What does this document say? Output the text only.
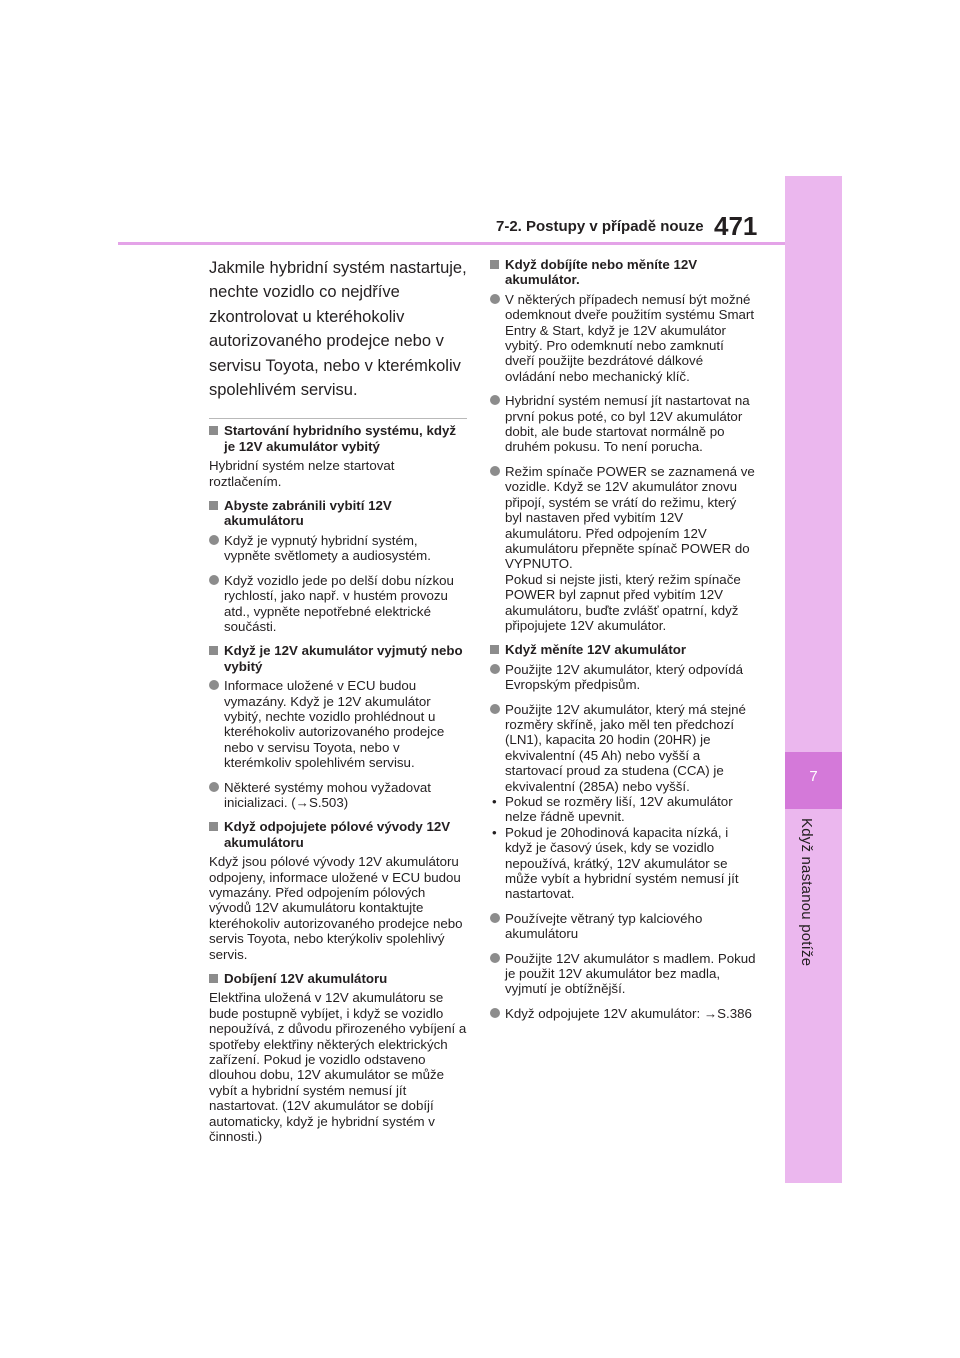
7
Když nastanou potíže
7-2. Postupy v případě nouze 471

Jakmile hybridní systém nastartuje, nechte vozidlo co nejdříve zkontrolovat u kteréhokoliv autorizovaného prodejce nebo v servisu Toyota, nebo v kterémkoliv spolehlivém servisu.

Startování hybridního systému, když je 12V akumulátor vybitý

Hybridní systém nelze startovat roztlačením.

Abyste zabránili vybití 12V akumulátoru
Když je vypnutý hybridní systém, vypněte světlomety a audiosystém.
Když vozidlo jede po delší dobu nízkou rychlostí, jako např. v hustém provozu atd., vypněte nepotřebné elektrické součásti.
Když je 12V akumulátor vyjmutý nebo vybitý
Informace uložené v ECU budou vymazány. Když je 12V akumulátor vybitý, nechte vozidlo prohlédnout u kteréhokoliv autorizovaného prodejce nebo v servisu Toyota, nebo v kterémkoliv spolehlivém servisu.
Některé systémy mohou vyžadovat inicializaci. (→S.503)
Když odpojujete pólové vývody 12V akumulátoru

Když jsou pólové vývody 12V akumulátoru odpojeny, informace uložené v ECU budou vymazány. Před odpojením pólových vývodů 12V akumulátoru kontaktujte kteréhokoliv autorizovaného prodejce nebo servis Toyota, nebo kterýkoliv spolehlivý servis.

Dobíjení 12V akumulátoru

Elektřina uložená v 12V akumulátoru se bude postupně vybíjet, i když se vozidlo nepoužívá, z důvodu přirozeného vybíjení a spotřeby elektřiny některých elektrických zařízení. Pokud je vozidlo odstaveno dlouhou dobu, 12V akumulátor se může vybít a hybridní systém nemusí jít nastartovat. (12V akumulátor se dobíjí automaticky, když je hybridní systém v činnosti.)

Když dobíjíte nebo měníte 12V akumulátor.
V některých případech nemusí být možné odemknout dveře použitím systému Smart Entry & Start, když je 12V akumulátor vybitý. Pro odemknutí nebo zamknutí dveří použijte bezdrátové dálkové ovládání nebo mechanický klíč.
Hybridní systém nemusí jít nastartovat na první pokus poté, co byl 12V akumulátor dobit, ale bude startovat normálně po druhém pokusu. To není porucha.
Režim spínače POWER se zaznamená ve vozidle. Když se 12V akumulátor znovu připojí, systém se vrátí do režimu, který byl nastaven před vybitím 12V akumulátoru. Před odpojením 12V akumulátoru přepněte spínač POWER do VYPNUTO.
Pokud si nejste jisti, který režim spínače POWER byl zapnut před vybitím 12V akumulátoru, buďte zvlášť opatrní, když připojujete 12V akumulátor.
Když měníte 12V akumulátor
Použijte 12V akumulátor, který odpovídá Evropským předpisům.
Použijte 12V akumulátor, který má stejné rozměry skříně, jako měl ten předchozí (LN1), kapacita 20 hodin (20HR) je ekvivalentní (45 Ah) nebo vyšší a startovací proud za studena (CCA) je ekvivalentní (285A) nebo vyšší.
• Pokud se rozměry liší, 12V akumulátor nelze řádně upevnit.
• Pokud je 20hodinová kapacita nízká, i když je časový úsek, kdy se vozidlo nepoužívá, krátký, 12V akumulátor se může vybít a hybridní systém nemusí jít nastartovat.
Používejte větraný typ kalciového akumulátoru
Použijte 12V akumulátor s madlem. Pokud je použit 12V akumulátor bez madla, vyjmutí je obtížnější.
Když odpojujete 12V akumulátor: →S.386
